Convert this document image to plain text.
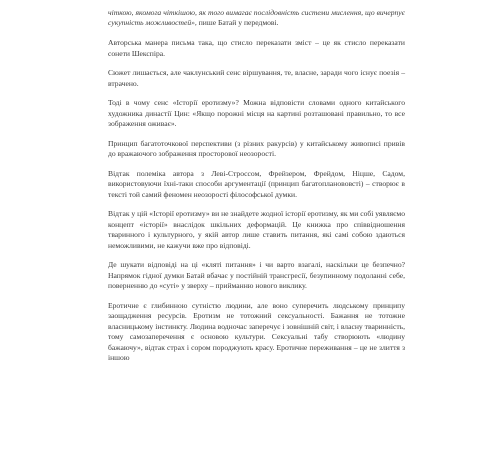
чіткою, якомога чіткішою, як того вимагає послідовність системи мислення, що вичерпує сукупність можливостей», пише Батай у передмові.

Авторська манера письма така, що стисло переказати зміст – це як стисло переказати сонети Шекспіра.

Сюжет лишається, але чаклунський сенс віршування, те, власне, заради чого існує поезія – втрачено.

Тоді в чому сенс «Історії еротизму»? Можна відповісти словами одного китайського художника династії Цин: «Якщо порожні місця на картині розташовані правильно, то все зображення оживає».

Принцип багатоточкової перспективи (з різних ракурсів) у китайському живописі привів до вражаючого зображення просторової неозорості.

Відтак полеміка автора з Леві-Строссом, Фрейзером, Фрейдом, Ніцше, Садом, використовуючи їхні-таки способи аргументації (принцип багатопланововсті) – створює в тексті той самий феномен неозорості філософської думки.

Відтак у цій «Історії еротизму» ви не знайдете жодної історії еротизму, як ми собі уявляємо концепт «історії» внаслідок шкільних деформацій. Це книжка про співвідношення тваринного і культурного, у якій автор лише ставить питання, які самі собою здаються неможливими, не кажучи вже про відповіді.

Де шукати відповіді на ці «кляті питання» і чи варто взагалі, наскільки це безпечно? Напрямок гідної думки Батай вбачає у постійній трансгресії, безупинному подоланні себе, поверненню до «суті» у зверху – прийманню нового виклику.

Еротичне є глибинною сутністю людини, але воно суперечить людському принципу заощадження ресурсів. Еротизм не тотожний сексуальності. Бажання не тотожне власницькому інстинкту. Людина водночас заперечує і зовнішній світ, і власну тваринність, тому самозаперечення є основою культури. Сексуальні табу створюють «людину бажаючу», відтак страх і сором породжують красу. Еротичне переживання – це не злиття з іншою
